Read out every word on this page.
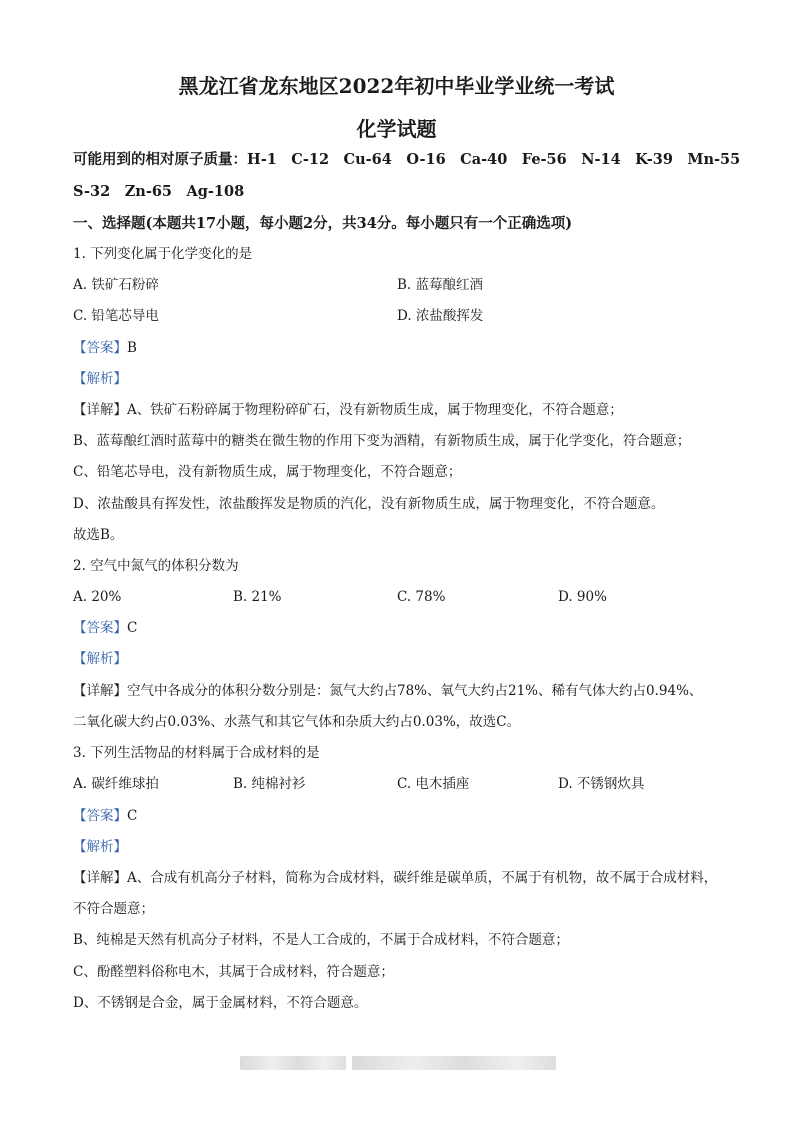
黑龙江省龙东地区2022年初中毕业学业统一考试
化学试题
可能用到的相对原子质量：H-1　C-12　Cu-64　O-16　Ca-40　Fe-56　N-14　K-39　Mn-55
S-32　Zn-65　Ag-108
一、选择题(本题共17小题，每小题2分，共34分。每小题只有一个正确选项)
1. 下列变化属于化学变化的是
A. 铁矿石粉碎	B. 蓝莓酿红酒
C. 铅笔芯导电	D. 浓盐酸挥发
【答案】B
【解析】
【详解】A、铁矿石粉碎属于物理粉碎矿石，没有新物质生成，属于物理变化，不符合题意；
B、蓝莓酿红酒时蓝莓中的糖类在微生物的作用下变为酒精，有新物质生成，属于化学变化，符合题意；
C、铅笔芯导电，没有新物质生成，属于物理变化，不符合题意；
D、浓盐酸具有挥发性，浓盐酸挥发是物质的汽化，没有新物质生成，属于物理变化，不符合题意。
故选B。
2. 空气中氮气的体积分数为
A. 20%	B. 21%	C. 78%	D. 90%
【答案】C
【解析】
【详解】空气中各成分的体积分数分别是：氮气大约占78%、氧气大约占21%、稀有气体大约占0.94%、
二氧化碳大约占0.03%、水蒸气和其它气体和杂质大约占0.03%，故选C。
3. 下列生活物品的材料属于合成材料的是
A. 碳纤维球拍	B. 纯棉衬衫	C. 电木插座	D. 不锈钢炊具
【答案】C
【解析】
【详解】A、合成有机高分子材料，简称为合成材料，碳纤维是碳单质，不属于有机物，故不属于合成材料，
不符合题意；
B、纯棉是天然有机高分子材料，不是人工合成的，不属于合成材料，不符合题意；
C、酚醛塑料俗称电木，其属于合成材料，符合题意；
D、不锈钢是合金，属于金属材料，不符合题意。
